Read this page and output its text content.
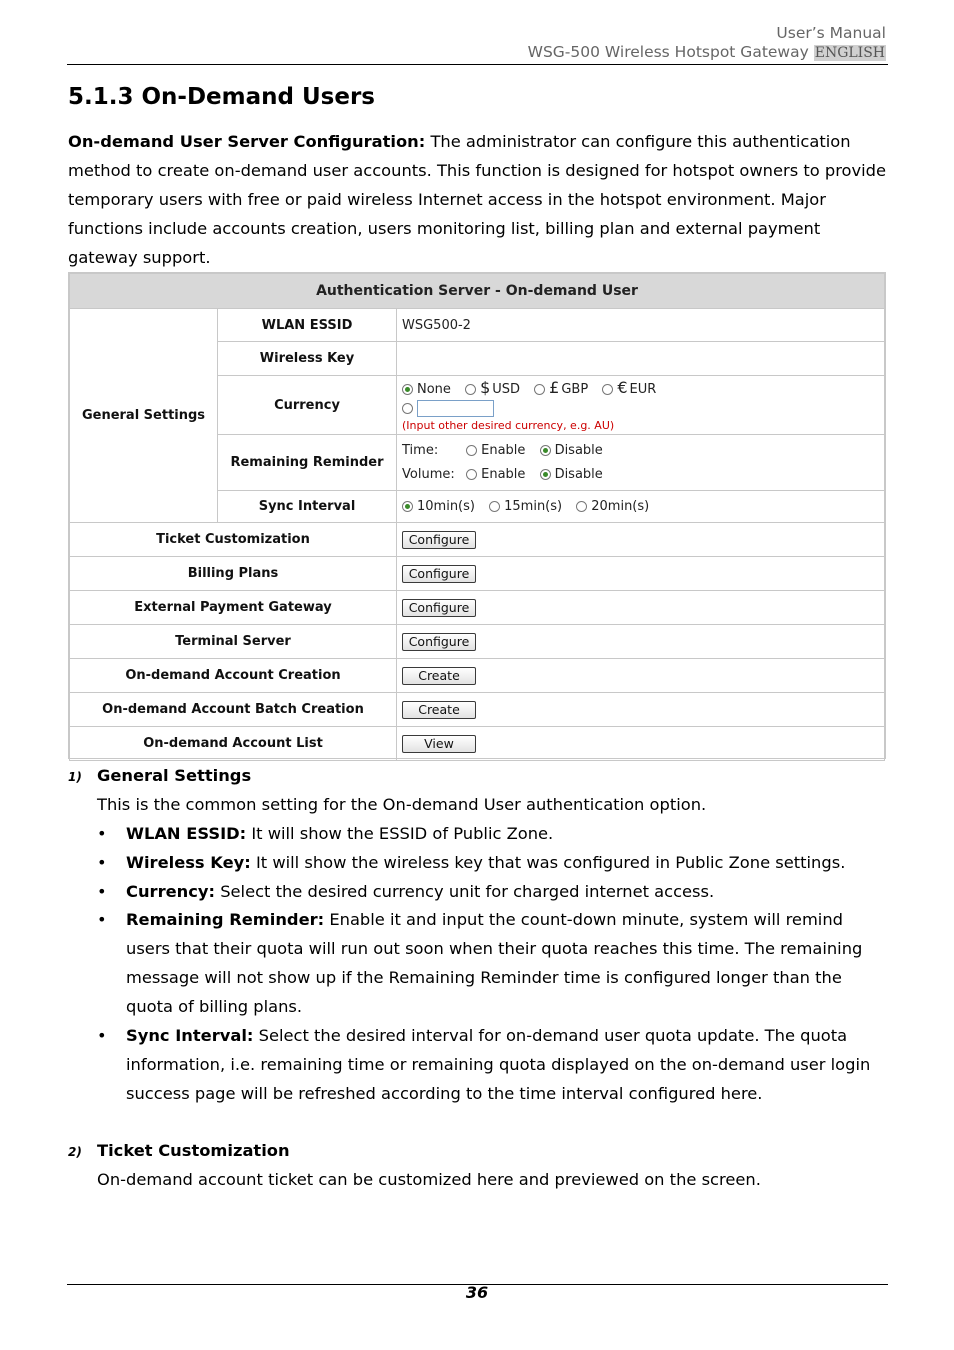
User’s Manual
WSG-500 Wireless Hotspot Gateway ENGLISH
5.1.3 On-Demand Users

On-demand User Server Configuration: The administrator can configure this authentication method to create on-demand user accounts. This function is designed for hotspot owners to provide temporary users with free or paid wireless Internet access in the hotspot environment. Major functions include accounts creation, users monitoring list, billing plan and external payment gateway support.

Authentication Server - On-demand User		
General Settings	WLAN ESSID	WSG500-2
	Wireless Key	
	Currency	None $ USD £ GBP € EUR
(Input other desired currency, e.g. AU)

	Remaining Reminder	Time: Enable Disable
Volume: Enable Disable

	Sync Interval	10min(s) 15min(s) 20min(s)
Ticket Customization		Configure
Billing Plans		Configure
External Payment Gateway		Configure
Terminal Server		Configure
On-demand Account Creation		Create
On-demand Account Batch Creation		Create
On-demand Account List		View
1) General Settings

This is the common setting for the On-demand User authentication option.

• WLAN ESSID: It will show the ESSID of Public Zone.
• Wireless Key: It will show the wireless key that was configured in Public Zone settings.
• Currency: Select the desired currency unit for charged internet access.
• Remaining Reminder: Enable it and input the count-down minute, system will remind users that their quota will run out soon when their quota reaches this time. The remaining message will not show up if the Remaining Reminder time is configured longer than the quota of billing plans.
• Sync Interval: Select the desired interval for on-demand user quota update. The quota information, i.e. remaining time or remaining quota displayed on the on-demand user login success page will be refreshed according to the time interval configured here.
2) Ticket Customization

On-demand account ticket can be customized here and previewed on the screen.

36
